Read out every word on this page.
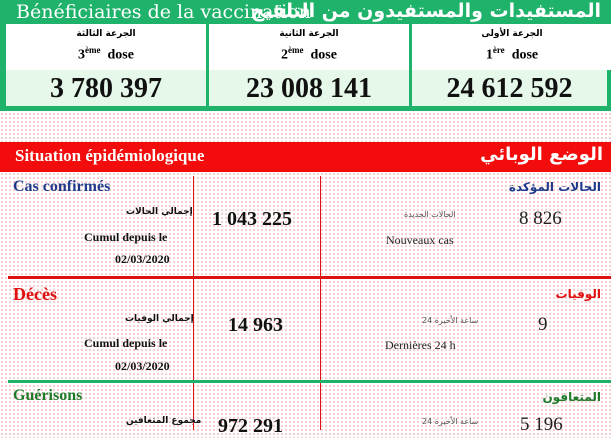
Bénéficiaires de la vaccination
المستفيدات والمستفيدون من التلقيح
الجرعة الثالثة
3ème dose
الجرعة الثانية
2ème dose
الجرعة الأولى
1ère dose
3 780 397	23 008 141	24 612 592
Situation épidémiologique	الوضع الوبائي
Cas confirmés	الحالات المؤكدة
إجمالي الحالات
Cumul depuis le
02/03/2020
1 043 225	الحالات الجديدة
Nouveaux cas
8 826
Décès	الوفيات
إجمالي الوفيات
Cumul depuis le
02/03/2020
14 963	24 ساعة الأخيرة
Dernières 24 h
9
Guérisons	المتعافون
مجموع المتعافين 972 291	24 ساعة الأخيرة 5 196
